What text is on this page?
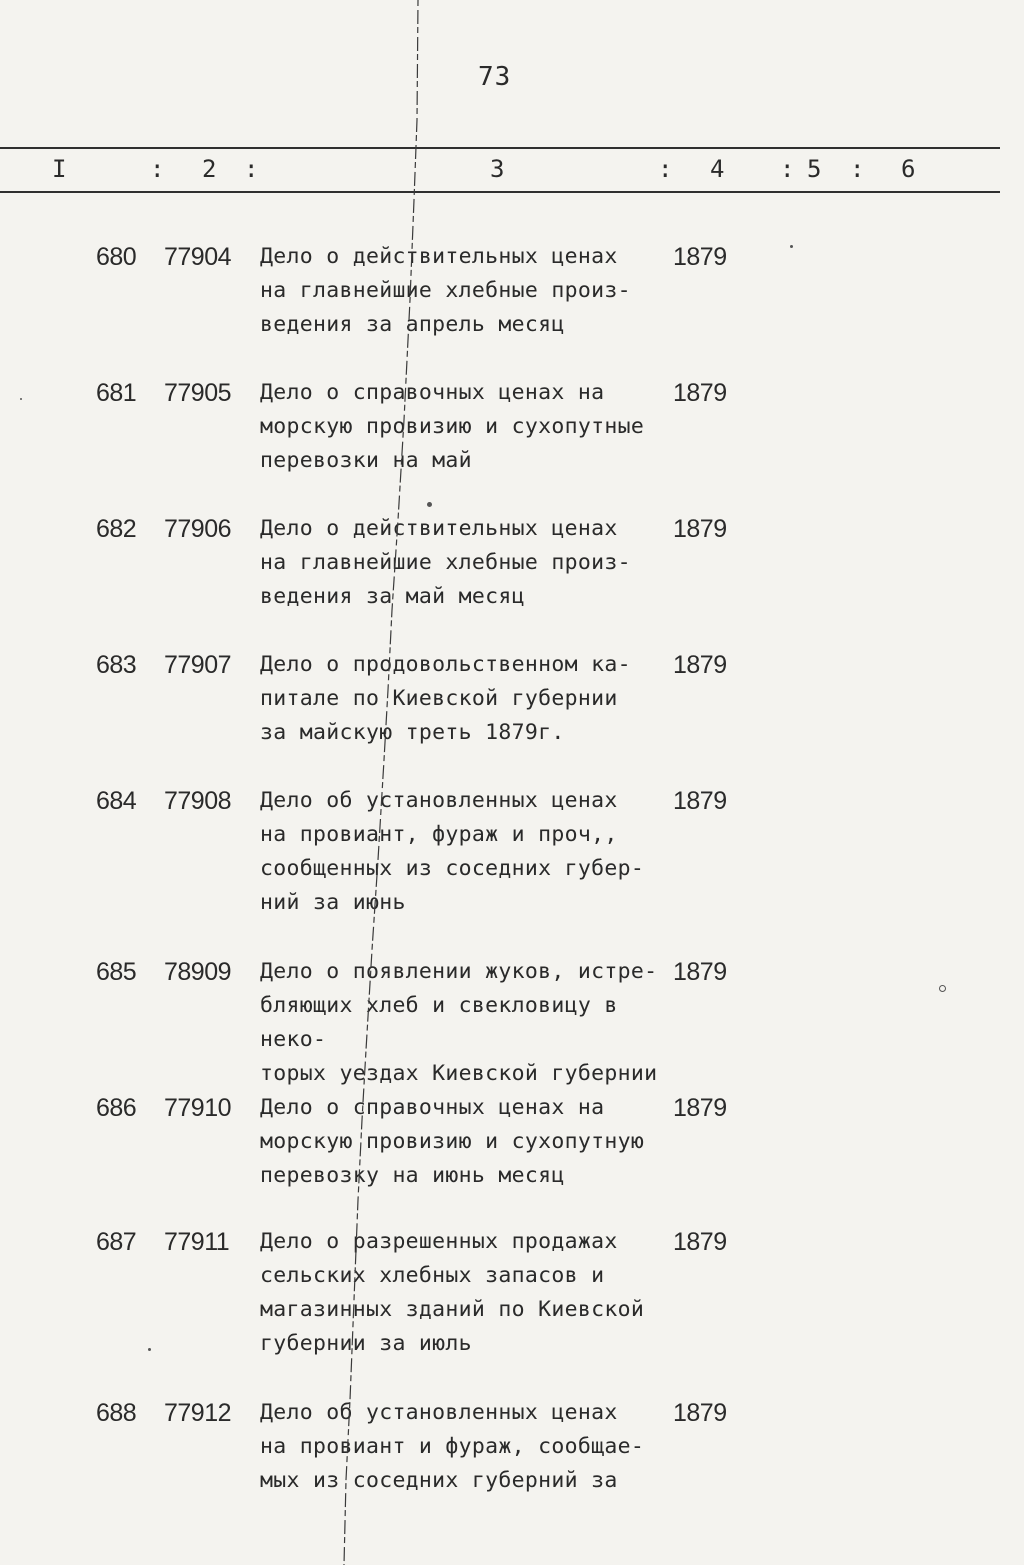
73
I	: 2 :	3	: 4 : 5 : 6
680 77904 Дело о действительных ценах
на главнейшие хлебные произ-
ведения за апрель месяц

1879
681 77905 Дело о справочных ценах на
морскую провизию и сухопутные
перевозки на май

1879
682 77906 Дело о действительных ценах
на главнейшие хлебные произ-
ведения за май месяц

1879
683 77907 Дело о продовольственном ка-
питале по Киевской губернии
за майскую треть 1879г.

1879
684 77908 Дело об установленных ценах
на провиант, фураж и проч,,
сообщенных из соседних губер-
ний за июнь

1879
685 78909 Дело о появлении жуков, истре-
бляющих хлеб и свекловицу в неко-
торых уездах Киевской губернии

1879
686 77910 Дело о справочных ценах на
морскую провизию и сухопутную
перевозку на июнь месяц

1879
687 77911 Дело о разрешенных продажах
сельских хлебных запасов и
магазинных зданий по Киевской
губернии за июль

1879
688 77912 Дело об установленных ценах
на провиант и фураж, сообщае-
мых из соседних губерний за

1879
